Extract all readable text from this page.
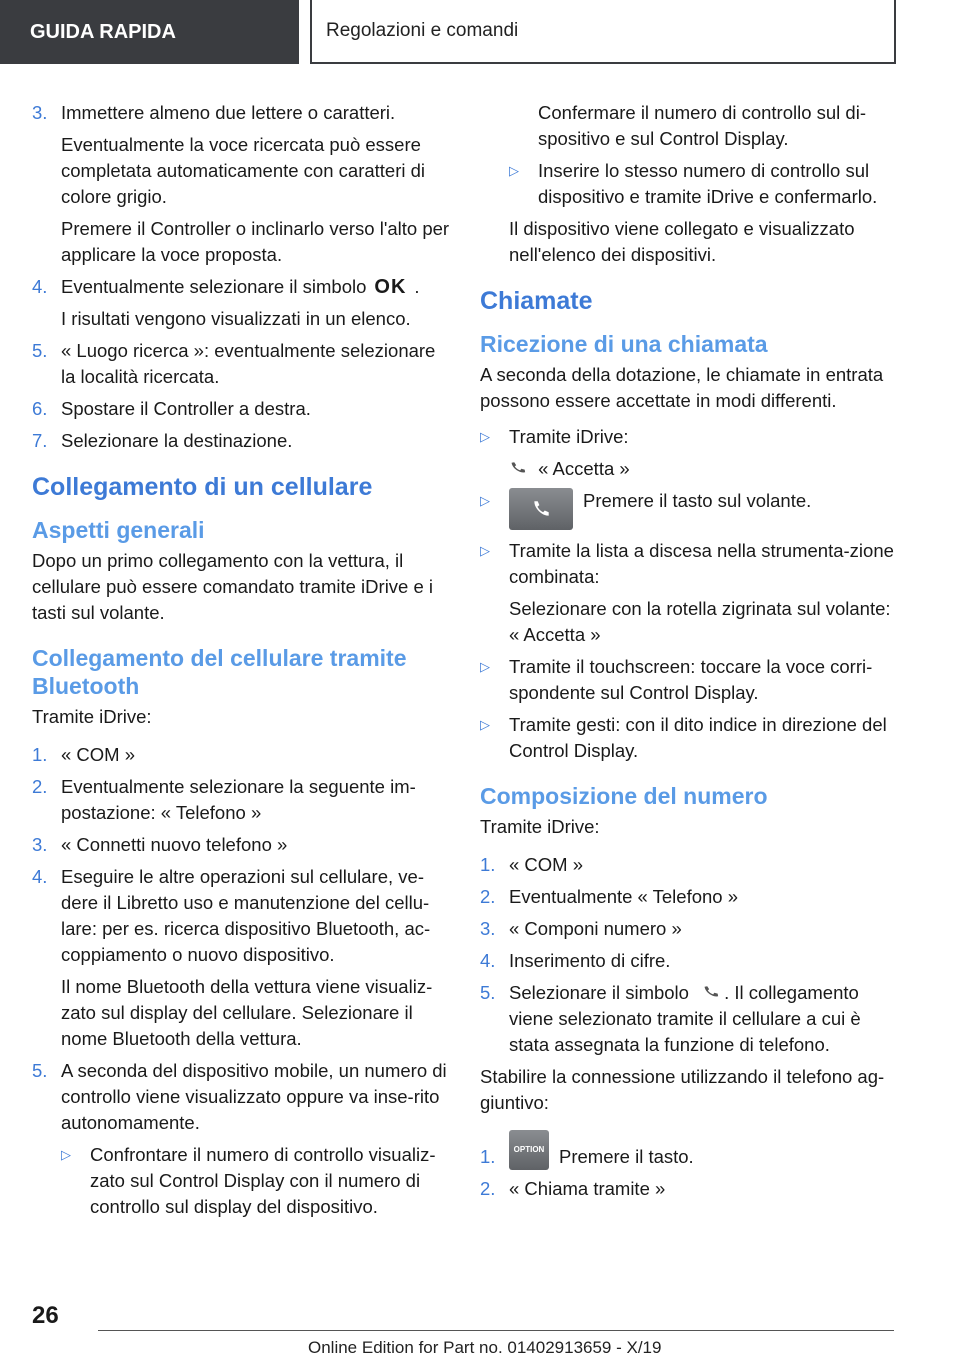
GUIDA RAPIDA	Regolazioni e comandi
3. Immettere almeno due lettere o caratteri.

Eventualmente la voce ricercata può essere completata automaticamente con caratteri di colore grigio.

Premere il Controller o inclinarlo verso l'alto per applicare la voce proposta.

4. Eventualmente selezionare il simbolo OK .

I risultati vengono visualizzati in un elenco.

5. « Luogo ricerca »: eventualmente selezionare la località ricercata.

6. Spostare il Controller a destra.

7. Selezionare la destinazione.

Collegamento di un cellulare
Aspetti generali

Dopo un primo collegamento con la vettura, il cellulare può essere comandato tramite iDrive e i tasti sul volante.

Collegamento del cellulare tramite Bluetooth

Tramite iDrive:

1. « COM »

2. Eventualmente selezionare la seguente im-postazione: « Telefono »

3. « Connetti nuovo telefono »

4. Eseguire le altre operazioni sul cellulare, ve-dere il Libretto uso e manutenzione del cellu-lare: per es. ricerca dispositivo Bluetooth, ac-coppiamento o nuovo dispositivo.

Il nome Bluetooth della vettura viene visualiz-zato sul display del cellulare. Selezionare il nome Bluetooth della vettura.

5. A seconda del dispositivo mobile, un numero di controllo viene visualizzato oppure va inse-rito autonomamente.

▷	Confrontare il numero di controllo visualiz-zato sul Control Display con il numero di controllo sul display del dispositivo.

Confermare il numero di controllo sul di-spositivo e sul Control Display.

▷	Inserire lo stesso numero di controllo sul dispositivo e tramite iDrive e confermarlo.

Il dispositivo viene collegato e visualizzato nell'elenco dei dispositivi.

Chiamate
Ricezione di una chiamata

A seconda della dotazione, le chiamate in entrata possono essere accettate in modi differenti.

▷	Tramite iDrive:
« Accetta »
▷	Premere il tasto sul volante.
▷	Tramite la lista a discesa nella strumenta-zione combinata:
Selezionare con la rotella zigrinata sul volante: « Accetta »
▷	Tramite il touchscreen: toccare la voce corri-spondente sul Control Display.
▷	Tramite gesti: con il dito indice in direzione del Control Display.
Composizione del numero

Tramite iDrive:

1. « COM »

2. Eventualmente « Telefono »

3. « Componi numero »

4. Inserimento di cifre.

5. Selezionare il simbolo . Il collegamento viene selezionato tramite il cellulare a cui è stata assegnata la funzione di telefono.

Stabilire la connessione utilizzando il telefono ag-giuntivo:

1.	OPTION Premere il tasto.
2. « Chiama tramite »

26
Online Edition for Part no. 01402913659 - X/19
